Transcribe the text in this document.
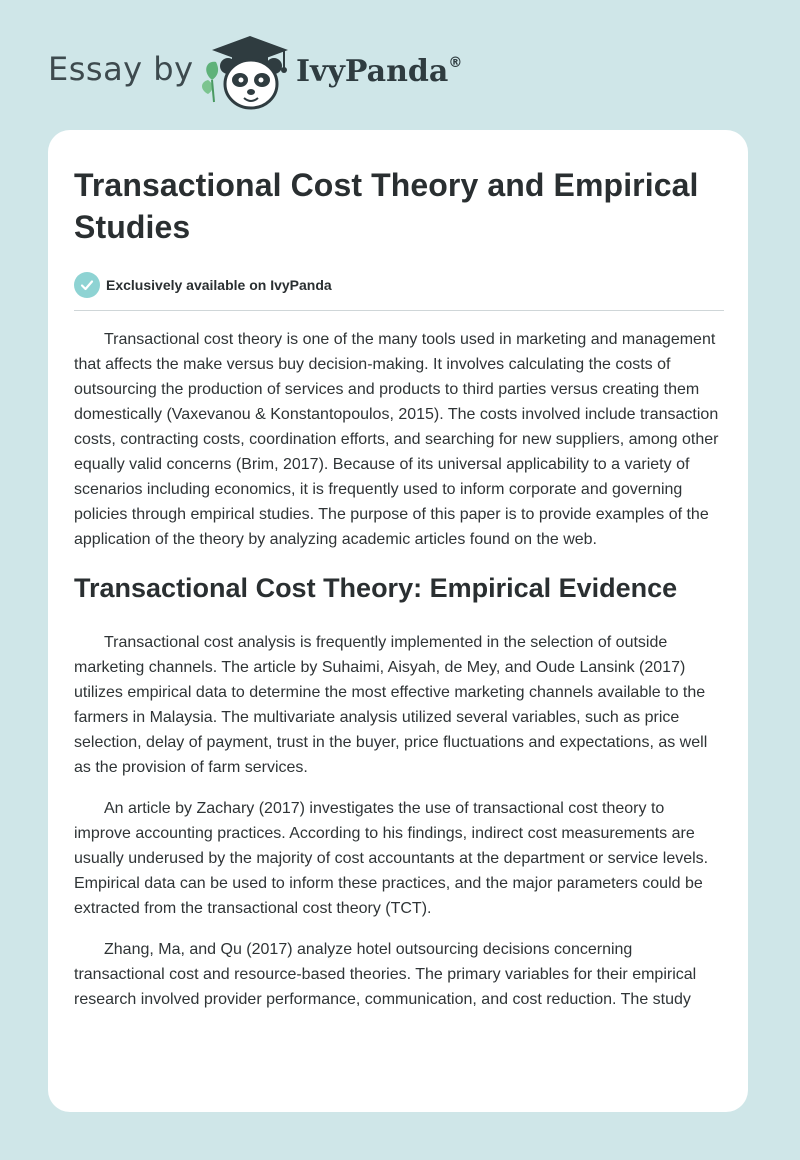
Essay by	IvyPanda®
Transactional Cost Theory and Empirical Studies
Exclusively available on IvyPanda

Transactional cost theory is one of the many tools used in marketing and management that affects the make versus buy decision-making. It involves calculating the costs of outsourcing the production of services and products to third parties versus creating them domestically (Vaxevanou & Konstantopoulos, 2015). The costs involved include transaction costs, contracting costs, coordination efforts, and searching for new suppliers, among other equally valid concerns (Brim, 2017). Because of its universal applicability to a variety of scenarios including economics, it is frequently used to inform corporate and governing policies through empirical studies. The purpose of this paper is to provide examples of the application of the theory by analyzing academic articles found on the web.

Transactional Cost Theory: Empirical Evidence

Transactional cost analysis is frequently implemented in the selection of outside marketing channels. The article by Suhaimi, Aisyah, de Mey, and Oude Lansink (2017) utilizes empirical data to determine the most effective marketing channels available to the farmers in Malaysia. The multivariate analysis utilized several variables, such as price selection, delay of payment, trust in the buyer, price fluctuations and expectations, as well as the provision of farm services.

An article by Zachary (2017) investigates the use of transactional cost theory to improve accounting practices. According to his findings, indirect cost measurements are usually underused by the majority of cost accountants at the department or service levels. Empirical data can be used to inform these practices, and the major parameters could be extracted from the transactional cost theory (TCT).

Zhang, Ma, and Qu (2017) analyze hotel outsourcing decisions concerning transactional cost and resource-based theories. The primary variables for their empirical research involved provider performance, communication, and cost reduction. The study
